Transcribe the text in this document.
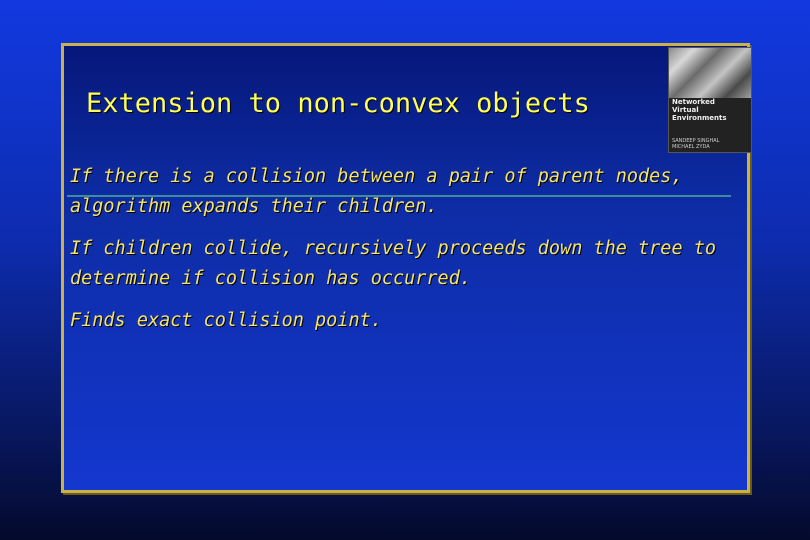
Extension to non-convex objects	Networked
Virtual
Environments
SANDEEP SINGHAL
MICHAEL ZYDA

If there is a collision between a pair of parent nodes, algorithm expands their children.

If children collide, recursively proceeds down the tree to determine if collision has occurred.

Finds exact collision point.
